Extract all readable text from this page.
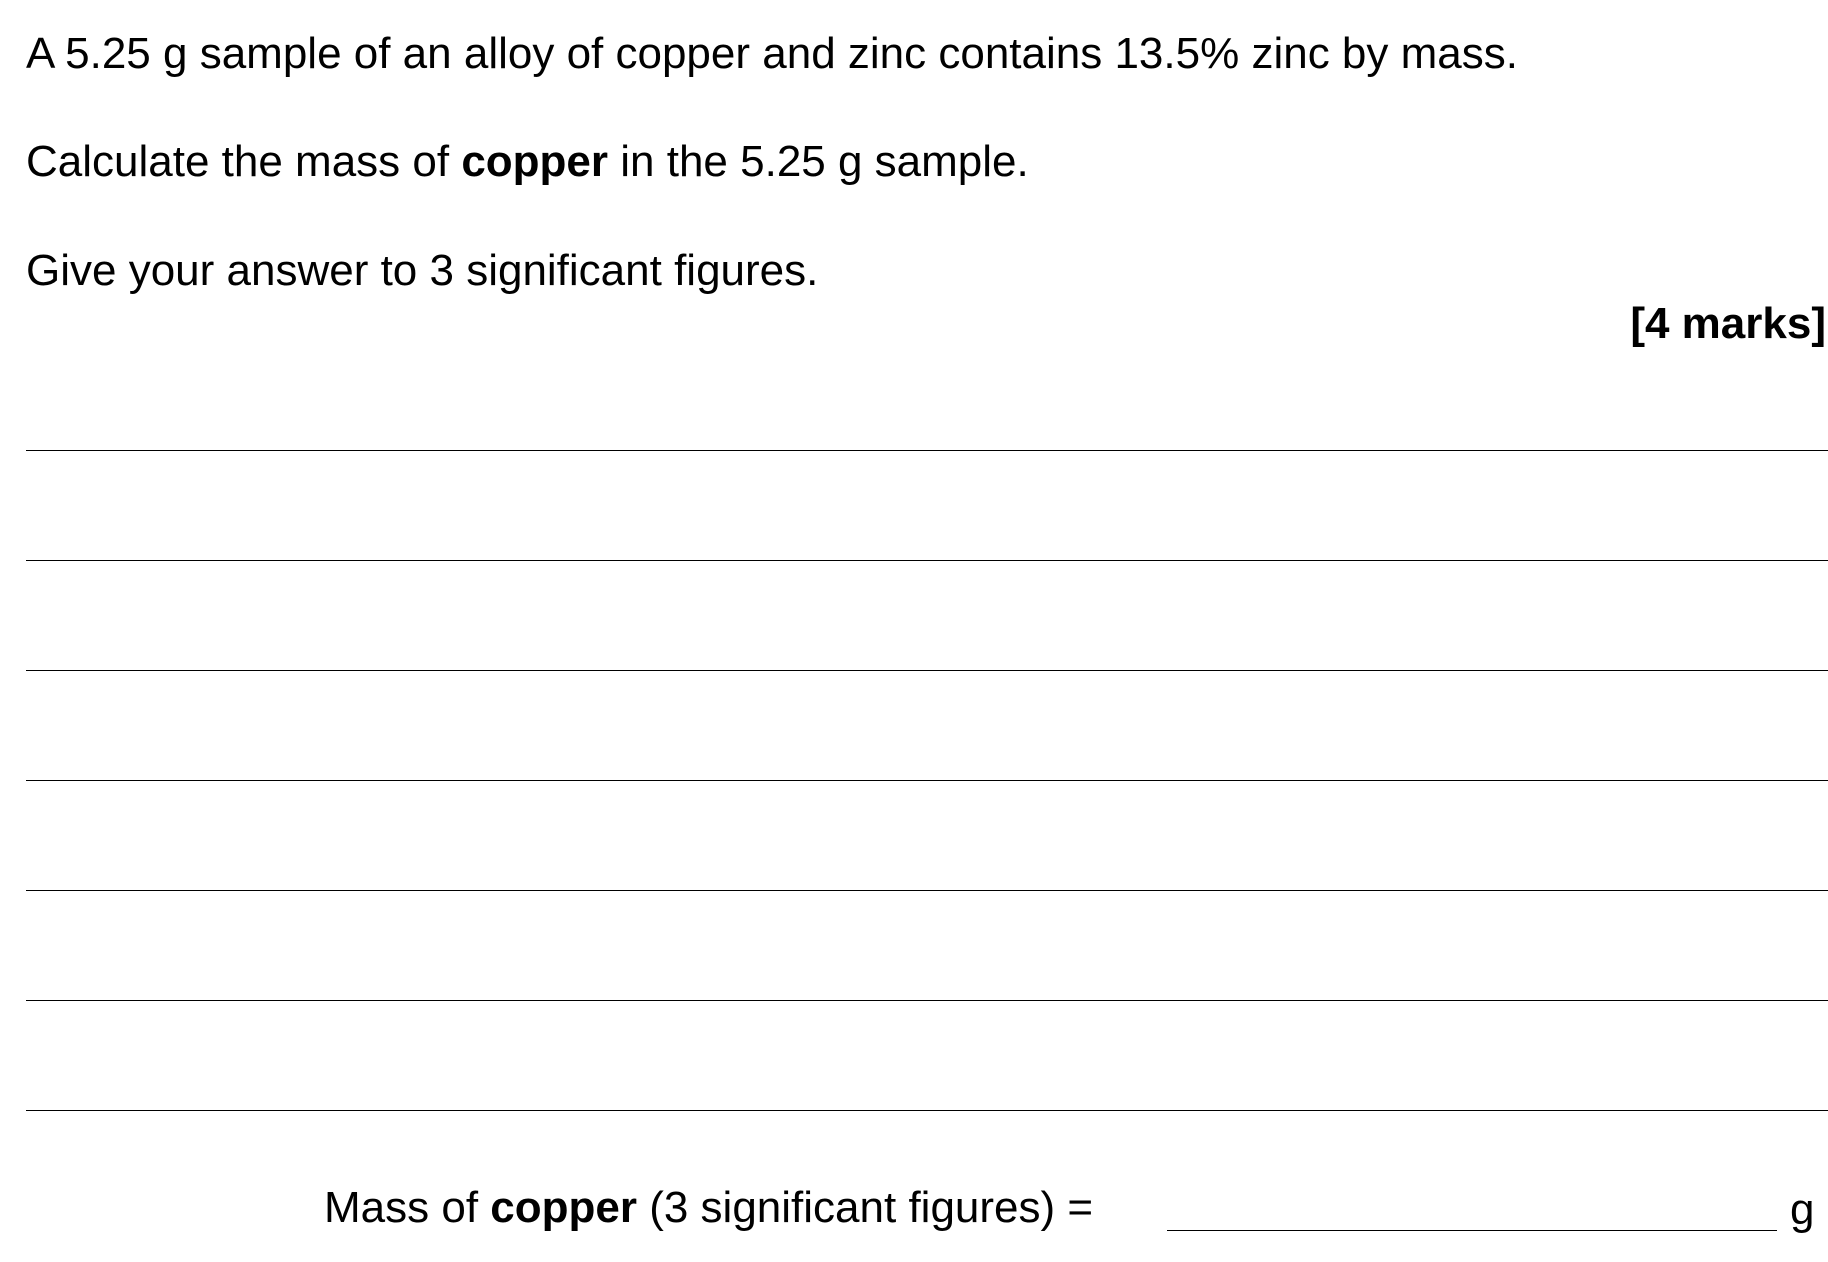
A 5.25 g sample of an alloy of copper and zinc contains 13.5% zinc by mass.
Calculate the mass of copper in the 5.25 g sample.
Give your answer to 3 significant figures.
[4 marks]
Mass of copper (3 significant figures) =	g
